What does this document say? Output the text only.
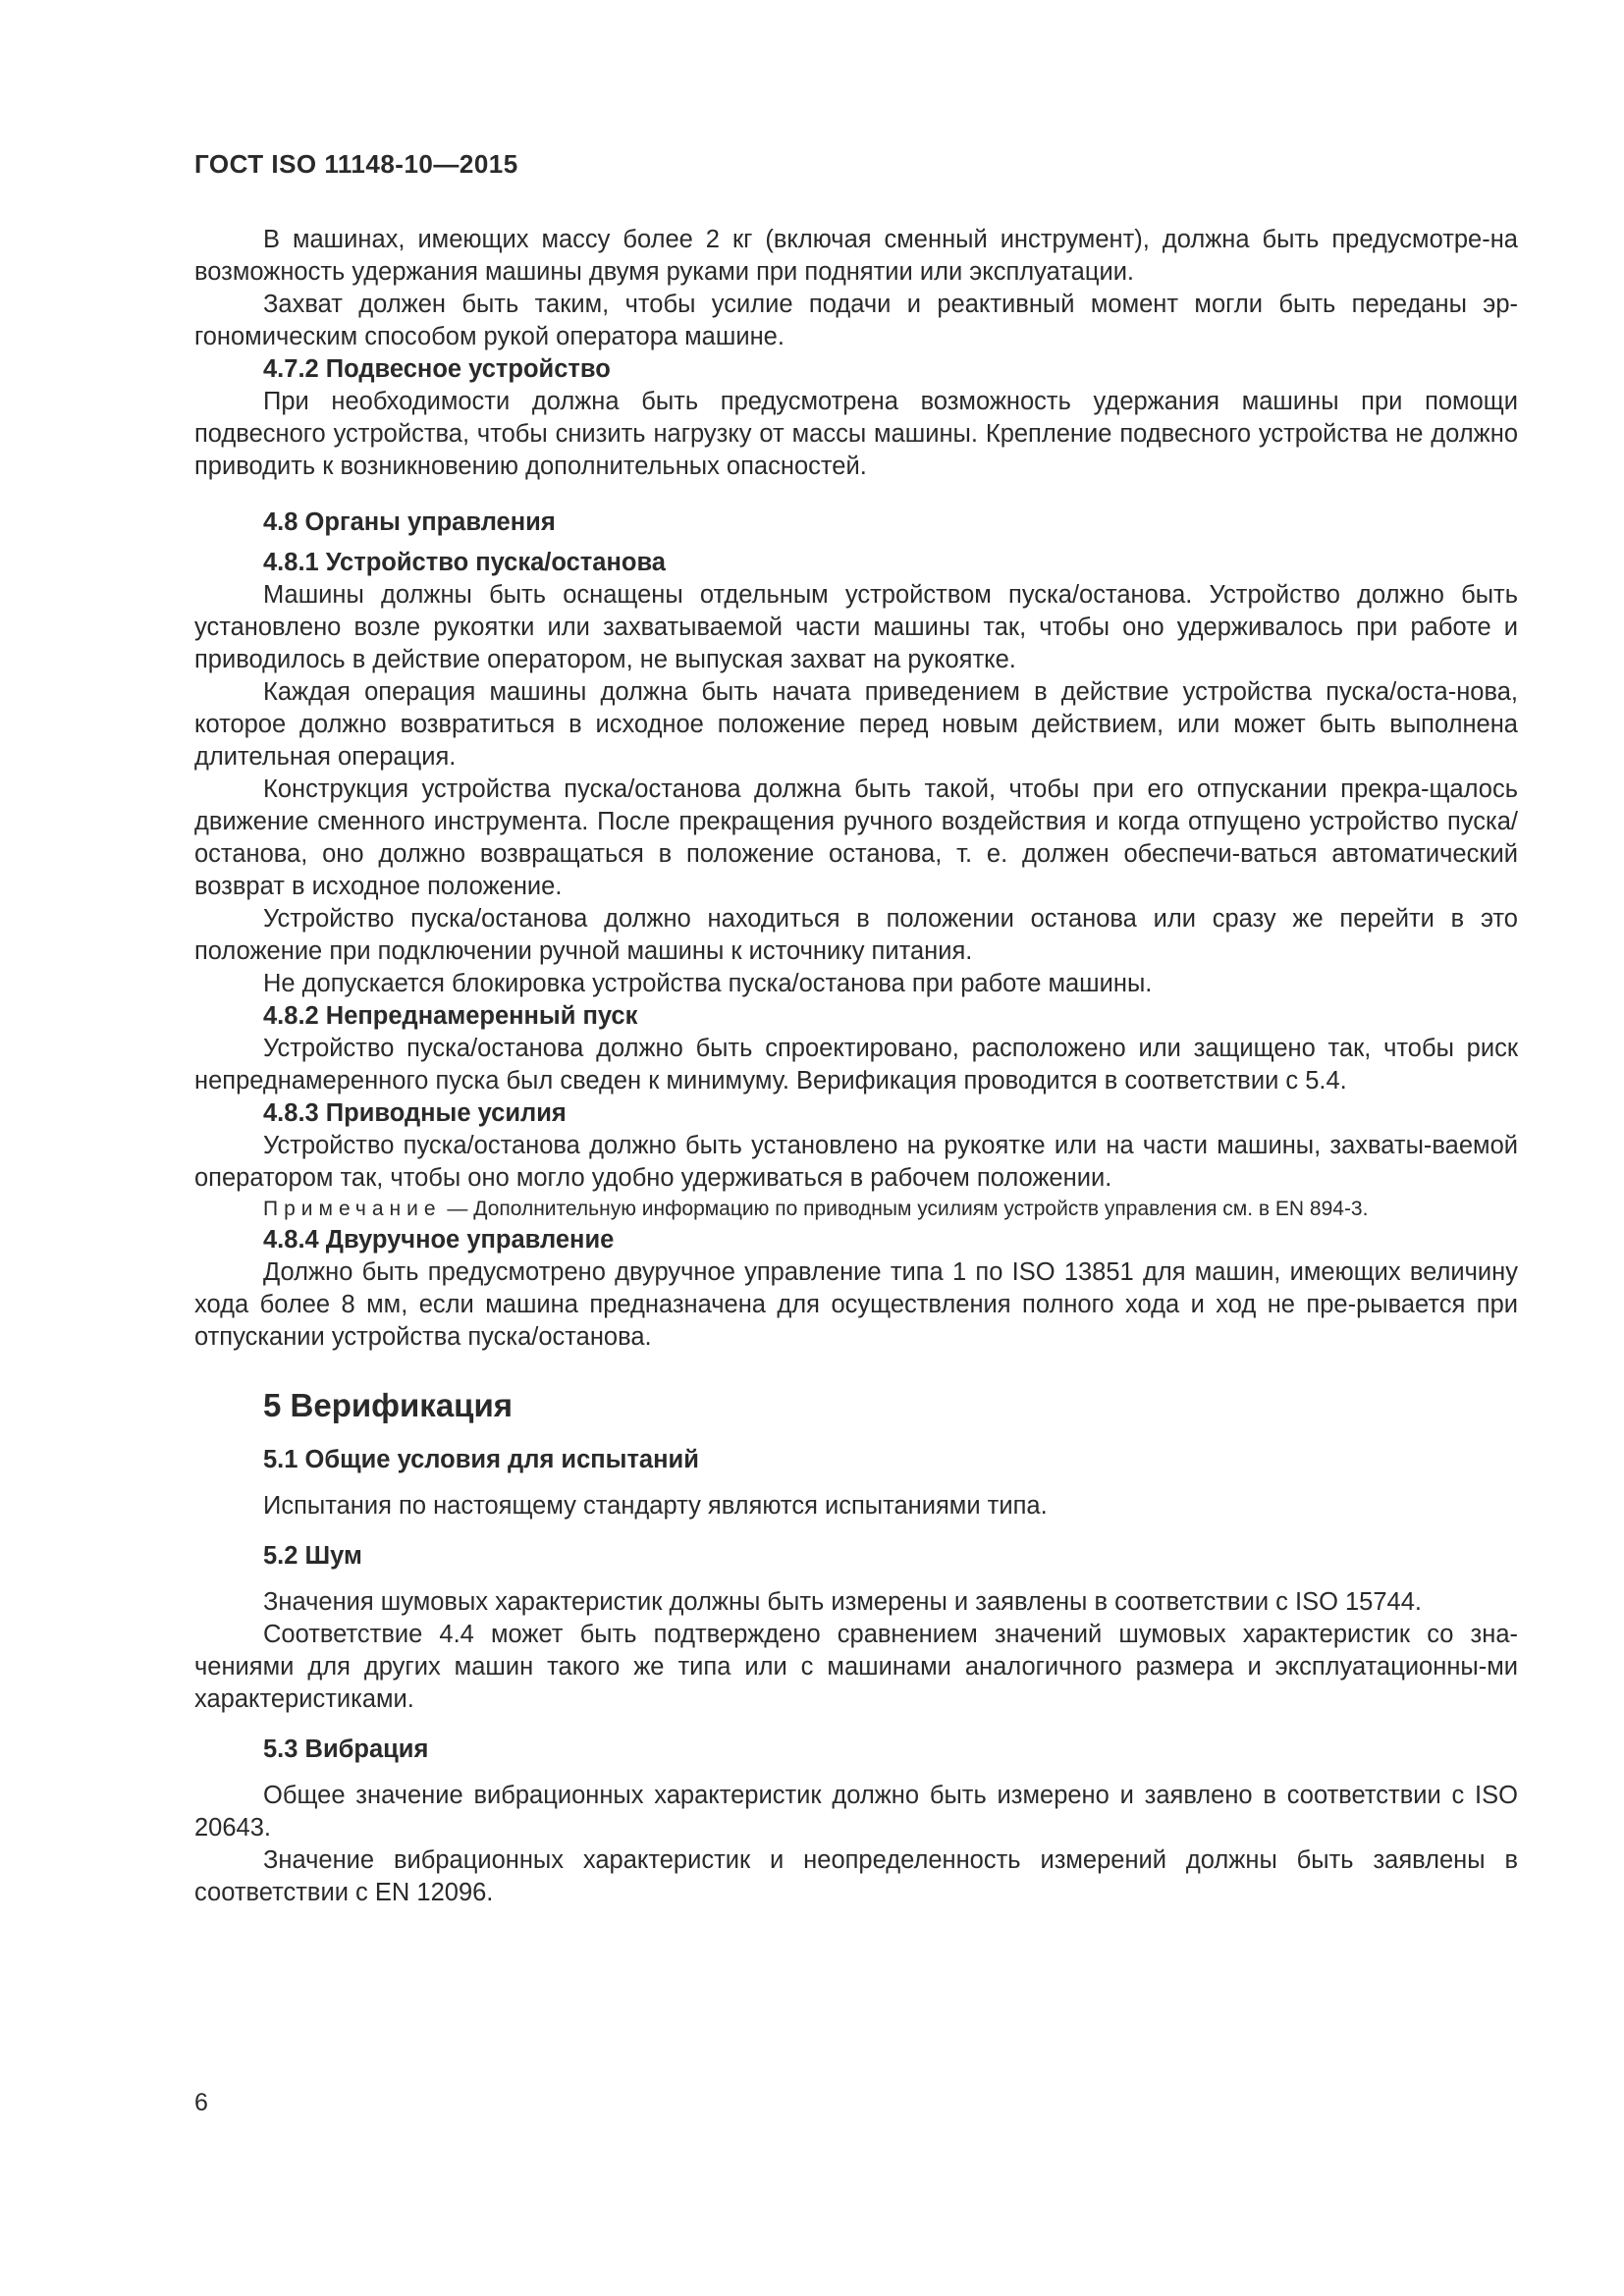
ГОСТ ISO 11148-10—2015

В машинах, имеющих массу более 2 кг (включая сменный инструмент), должна быть предусмотре-на возможность удержания машины двумя руками при поднятии или эксплуатации.

Захват должен быть таким, чтобы усилие подачи и реактивный момент могли быть переданы эр-гономическим способом рукой оператора машине.

4.7.2 Подвесное устройство

При необходимости должна быть предусмотрена возможность удержания машины при помощи подвесного устройства, чтобы снизить нагрузку от массы машины. Крепление подвесного устройства не должно приводить к возникновению дополнительных опасностей.

4.8 Органы управления
4.8.1 Устройство пуска/останова

Машины должны быть оснащены отдельным устройством пуска/останова. Устройство должно быть установлено возле рукоятки или захватываемой части машины так, чтобы оно удерживалось при работе и приводилось в действие оператором, не выпуская захват на рукоятке.

Каждая операция машины должна быть начата приведением в действие устройства пуска/оста-нова, которое должно возвратиться в исходное положение перед новым действием, или может быть выполнена длительная операция.

Конструкция устройства пуска/останова должна быть такой, чтобы при его отпускании прекра-щалось движение сменного инструмента. После прекращения ручного воздействия и когда отпущено устройство пуска/останова, оно должно возвращаться в положение останова, т. е. должен обеспечи-ваться автоматический возврат в исходное положение.

Устройство пуска/останова должно находиться в положении останова или сразу же перейти в это положение при подключении ручной машины к источнику питания.

Не допускается блокировка устройства пуска/останова при работе машины.

4.8.2 Непреднамеренный пуск

Устройство пуска/останова должно быть спроектировано, расположено или защищено так, чтобы риск непреднамеренного пуска был сведен к минимуму. Верификация проводится в соответствии с 5.4.

4.8.3 Приводные усилия

Устройство пуска/останова должно быть установлено на рукоятке или на части машины, захваты-ваемой оператором так, чтобы оно могло удобно удерживаться в рабочем положении.

Примечание — Дополнительную информацию по приводным усилиям устройств управления см. в EN 894-3.

4.8.4 Двуручное управление

Должно быть предусмотрено двуручное управление типа 1 по ISO 13851 для машин, имеющих величину хода более 8 мм, если машина предназначена для осуществления полного хода и ход не пре-рывается при отпускании устройства пуска/останова.

5 Верификация
5.1 Общие условия для испытаний

Испытания по настоящему стандарту являются испытаниями типа.

5.2 Шум

Значения шумовых характеристик должны быть измерены и заявлены в соответствии с ISO 15744.

Соответствие 4.4 может быть подтверждено сравнением значений шумовых характеристик со зна-чениями для других машин такого же типа или с машинами аналогичного размера и эксплуатационны-ми характеристиками.

5.3 Вибрация

Общее значение вибрационных характеристик должно быть измерено и заявлено в соответствии с ISO 20643.

Значение вибрационных характеристик и неопределенность измерений должны быть заявлены в соответствии с EN 12096.

6
